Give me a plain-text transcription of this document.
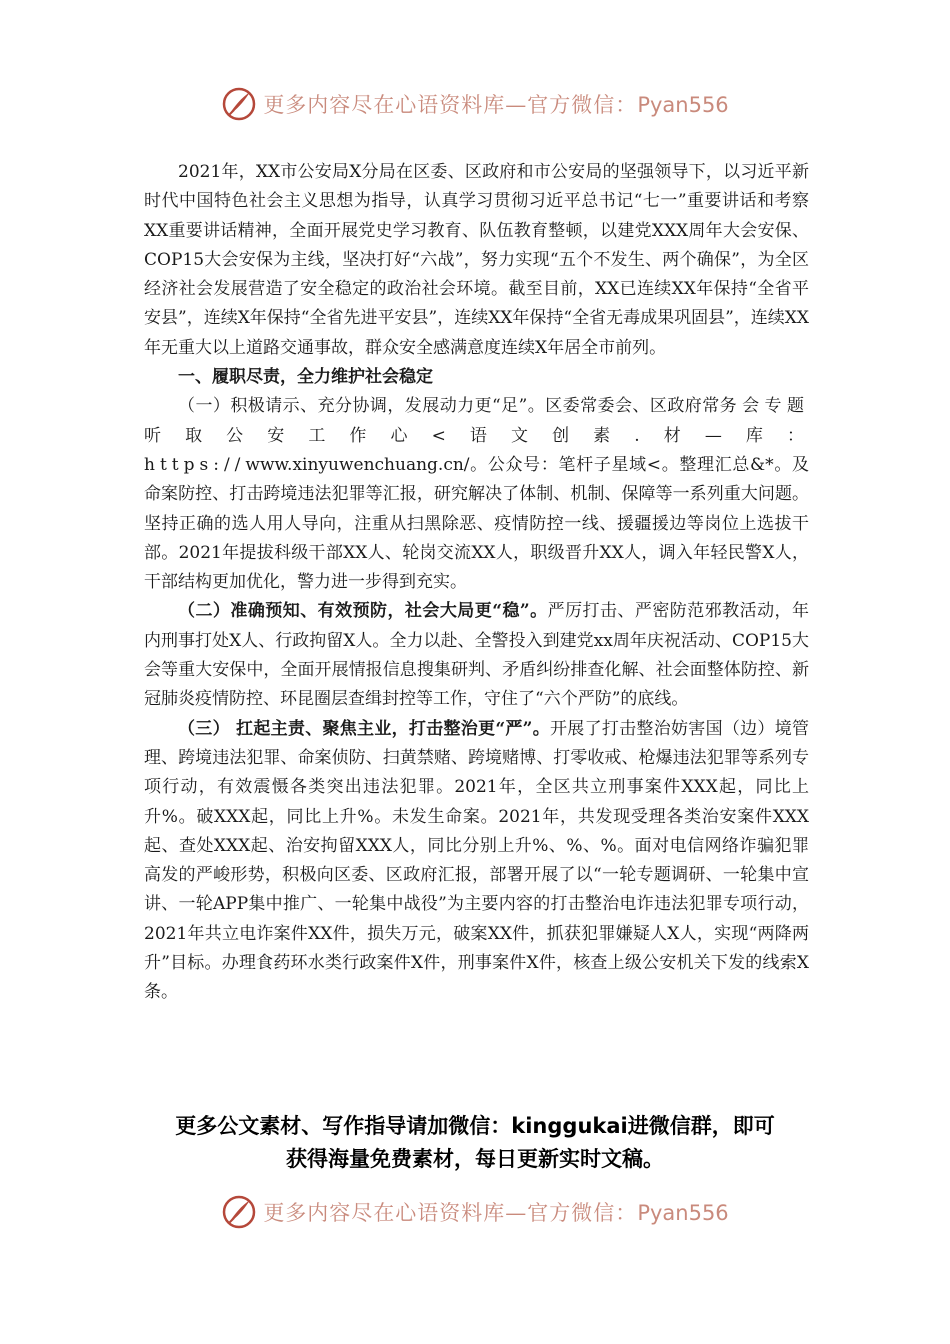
更多内容尽在心语资料库—官方微信：Pyan556

2021年，XX市公安局X分局在区委、区政府和市公安局的坚强领导下，以习近平新时代中国特色社会主义思想为指导，认真学习贯彻习近平总书记“七一”重要讲话和考察XX重要讲话精神，全面开展党史学习教育、队伍教育整顿，以建党XXX周年大会安保、COP15大会安保为主线，坚决打好“六战”，努力实现“五个不发生、两个确保”，为全区经济社会发展营造了安全稳定的政治社会环境。截至目前，XX已连续XX年保持“全省平安县”，连续X年保持“全省先进平安县”，连续XX年保持“全省无毒成果巩固县”，连续XX年无重大以上道路交通事故，群众安全感满意度连续X年居全市前列。

一、履职尽责，全力维护社会稳定

（一）积极请示、充分协调，发展动力更“足”。区委常委会、区政府常务会专题听取公安工作心<语文创素.材—库：https://www.xinyuwenchuang.cn/。公众号：笔杆子星域<。整理汇总&*。及命案防控、打击跨境违法犯罪等汇报，研究解决了体制、机制、保障等一系列重大问题。坚持正确的选人用人导向，注重从扫黑除恶、疫情防控一线、援疆援边等岗位上选拔干部。2021年提拔科级干部XX人、轮岗交流XX人，职级晋升XX人，调入年轻民警X人，干部结构更加优化，警力进一步得到充实。

（二）准确预知、有效预防，社会大局更“稳”。严厉打击、严密防范邪教活动，年内刑事打处X人、行政拘留X人。全力以赴、全警投入到建党xx周年庆祝活动、COP15大会等重大安保中，全面开展情报信息搜集研判、矛盾纠纷排查化解、社会面整体防控、新冠肺炎疫情防控、环昆圈层查缉封控等工作，守住了“六个严防”的底线。

（三） 扛起主责、聚焦主业，打击整治更“严”。开展了打击整治妨害国（边）境管理、跨境违法犯罪、命案侦防、扫黄禁赌、跨境赌博、打零收戒、枪爆违法犯罪等系列专项行动，有效震慑各类突出违法犯罪。2021年，全区共立刑事案件XXX起，同比上升%。破XXX起，同比上升%。未发生命案。2021年，共发现受理各类治安案件XXX起、查处XXX起、治安拘留XXX人，同比分别上升%、%、%。面对电信网络诈骗犯罪高发的严峻形势，积极向区委、区政府汇报，部署开展了以“一轮专题调研、一轮集中宣讲、一轮APP集中推广、一轮集中战役”为主要内容的打击整治电诈违法犯罪专项行动，2021年共立电诈案件XX件，损失万元，破案XX件，抓获犯罪嫌疑人X人，实现“两降两升”目标。办理食药环水类行政案件X件，刑事案件X件，核查上级公安机关下发的线索X条。

更多公文素材、写作指导请加微信：kinggukai进微信群，即可
获得海量免费素材，每日更新实时文稿。
更多内容尽在心语资料库—官方微信：Pyan556
